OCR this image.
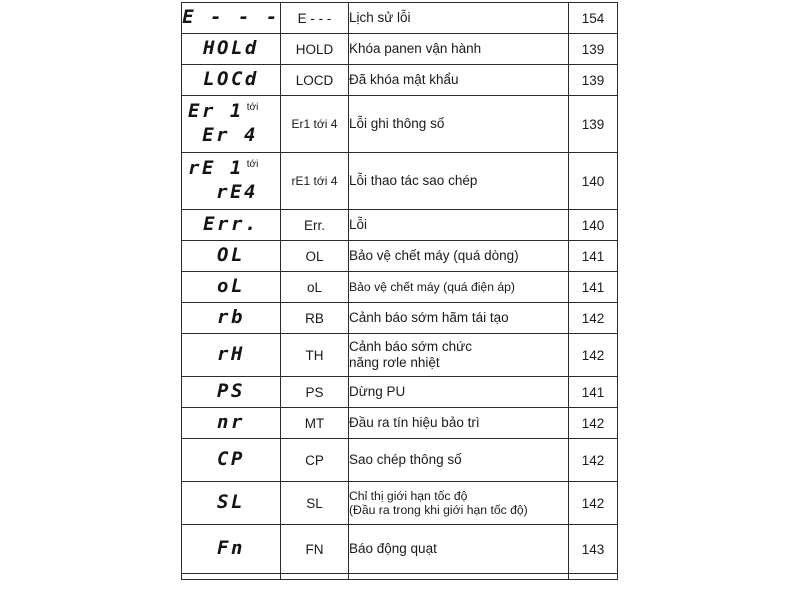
E - - -	E - - -	Lịch sử lỗi	154

HOLd	HOLD	Khóa panen vận hành	139

LOCd	LOCD	Đã khóa mật khẩu	139

Er 1 $^{tới}$
Er 4	Er1 tới 4	Lỗi ghi thông số	139

rE 1 $^{tới}$
rE4	rE1 tới 4	Lỗi thao tác sao chép	140

Err.	Err.	Lỗi	140

OL	OL	Bảo vệ chết máy (quá dòng)	141

oL	oL	Bảo vệ chết máy (quá điện áp)	141

rb	RB	Cảnh báo sớm hãm tái tạo	142

rH	TH	Cảnh báo sớm chức
năng rơle nhiệt	142

PS	PS	Dừng PU	141

nr	MT	Đầu ra tín hiệu bảo trì	142

CP	CP	Sao chép thông số	142

SL	SL	Chỉ thị giới hạn tốc độ
(Đầu ra trong khi giới hạn tốc độ)	142

Fn	FN	Báo động quạt	143
